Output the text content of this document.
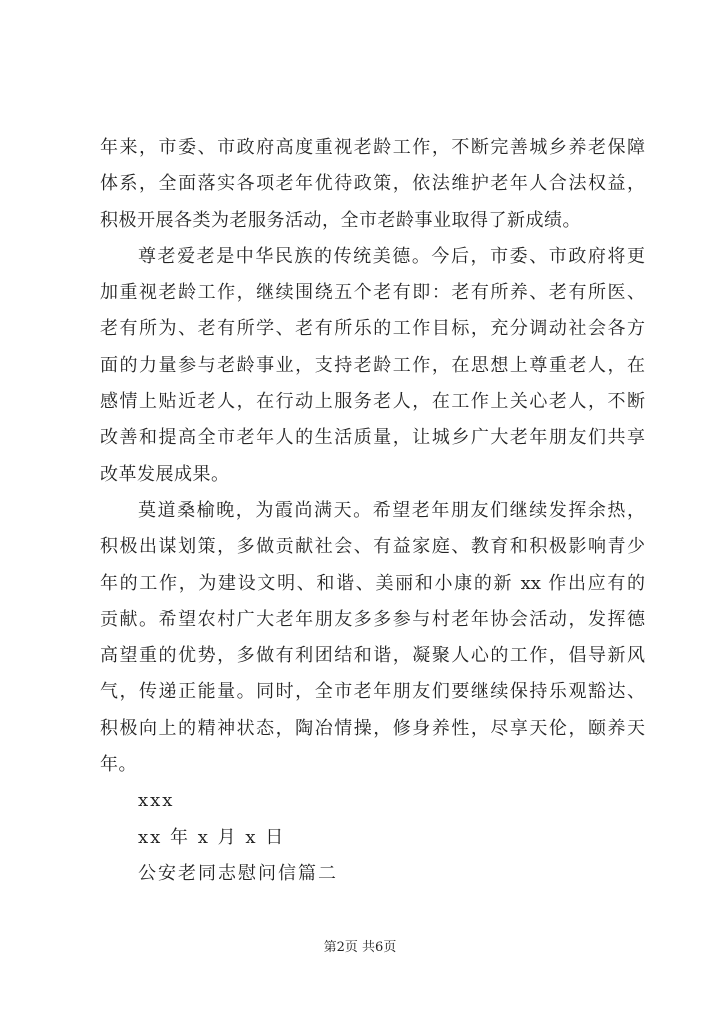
年来，市委、市政府高度重视老龄工作，不断完善城乡养老保障
体系，全面落实各项老年优待政策，依法维护老年人合法权益，
积极开展各类为老服务活动，全市老龄事业取得了新成绩。
尊老爱老是中华民族的传统美德。今后，市委、市政府将更
加重视老龄工作，继续围绕五个老有即：老有所养、老有所医、
老有所为、老有所学、老有所乐的工作目标，充分调动社会各方
面的力量参与老龄事业，支持老龄工作，在思想上尊重老人，在
感情上贴近老人，在行动上服务老人，在工作上关心老人，不断
改善和提高全市老年人的生活质量，让城乡广大老年朋友们共享
改革发展成果。
莫道桑榆晚，为霞尚满天。希望老年朋友们继续发挥余热，
积极出谋划策，多做贡献社会、有益家庭、教育和积极影响青少
年的工作，为建设文明、和谐、美丽和小康的新 xx 作出应有的
贡献。希望农村广大老年朋友多多参与村老年协会活动，发挥德
高望重的优势，多做有利团结和谐，凝聚人心的工作，倡导新风
气，传递正能量。同时，全市老年朋友们要继续保持乐观豁达、
积极向上的精神状态，陶冶情操，修身养性，尽享天伦，颐养天
年。
xxx
xx 年 x 月 x 日
公安老同志慰问信篇二
第2页 共6页
